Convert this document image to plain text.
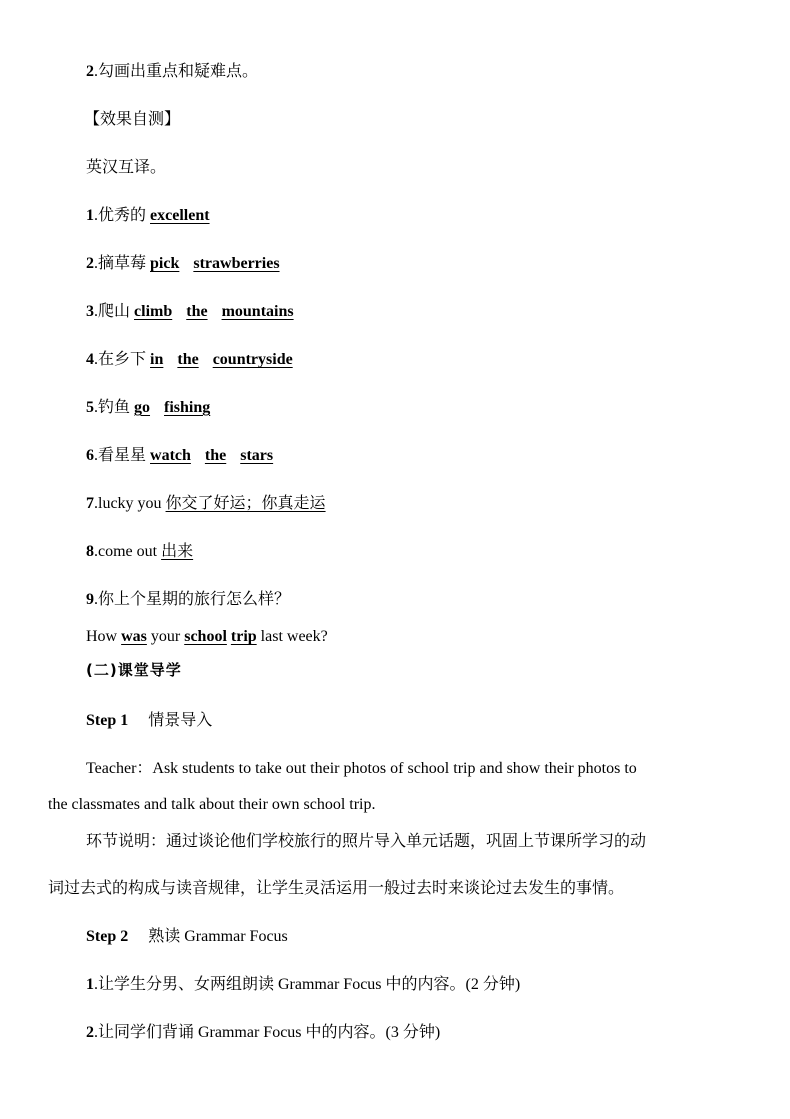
2.勾画出重点和疑难点。
【效果自测】
英汉互译。
1.优秀的 excellent
2.摘草莓 pick strawberries
3.爬山 climb the mountains
4.在乡下 in the countryside
5.钓鱼 go fishing
6.看星星 watch the stars
7.lucky you 你交了好运；你真走运
8.come out 出来
9.你上个星期的旅行怎么样？
How was your school trip last week?
(二)课堂导学
Step 1 情景导入
Teacher：Ask students to take out their photos of school trip and show their photos to
the classmates and talk about their own school trip.
环节说明：通过谈论他们学校旅行的照片导入单元话题，巩固上节课所学习的动
词过去式的构成与读音规律，让学生灵活运用一般过去时来谈论过去发生的事情。
Step 2 熟读 Grammar Focus
1.让学生分男、女两组朗读 Grammar Focus 中的内容。(2 分钟)
2.让同学们背诵 Grammar Focus 中的内容。(3 分钟)
